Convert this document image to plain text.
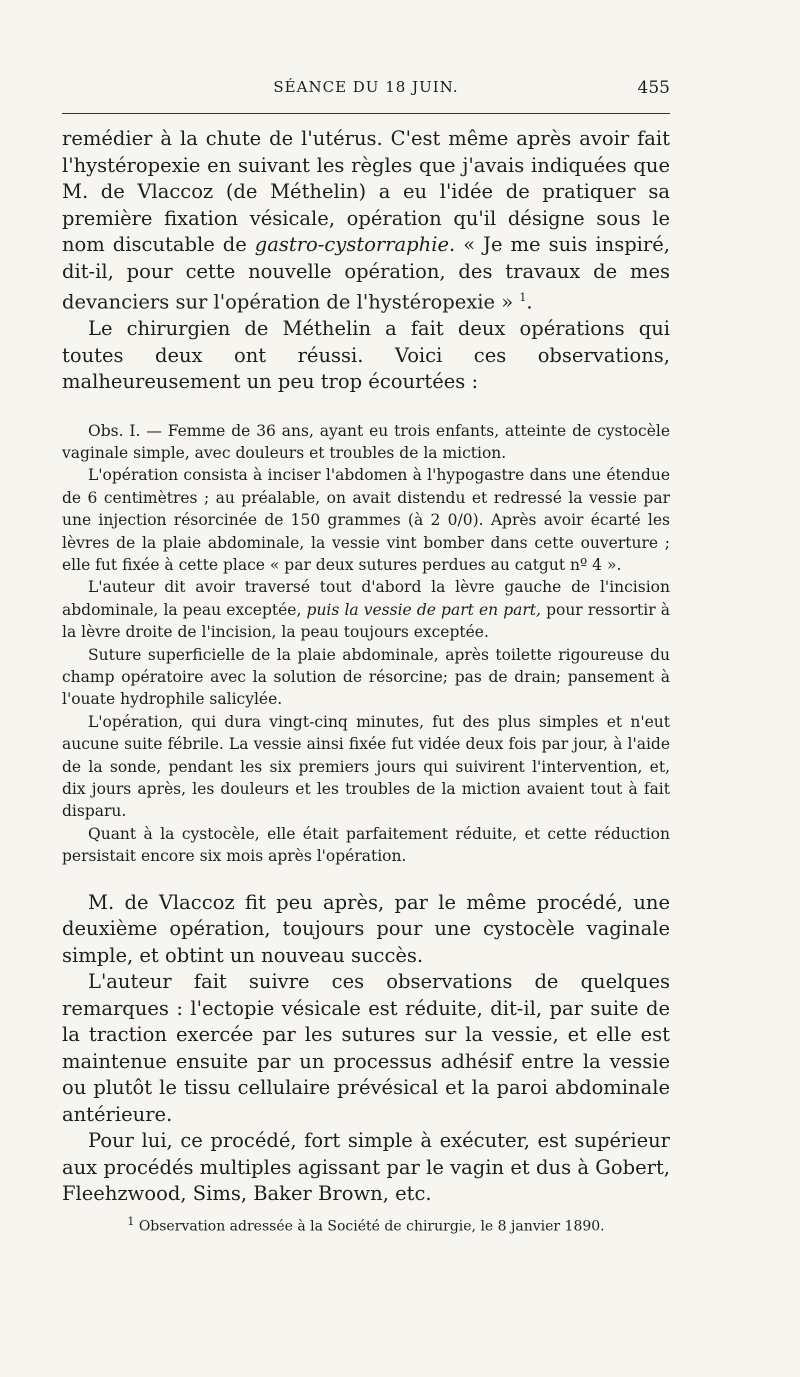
SÉANCE DU 18 JUIN.	455

remédier à la chute de l'utérus. C'est même après avoir fait l'hystéropexie en suivant les règles que j'avais indiquées que M. de Vlaccoz (de Méthelin) a eu l'idée de pratiquer sa première fixation vésicale, opération qu'il désigne sous le nom discutable de gastro-cystorraphie. « Je me suis inspiré, dit-il, pour cette nouvelle opération, des travaux de mes devanciers sur l'opération de l'hystéropexie » $^1$.

Le chirurgien de Méthelin a fait deux opérations qui toutes deux ont réussi. Voici ces observations, malheureusement un peu trop écourtées :

Obs. I. — Femme de 36 ans, ayant eu trois enfants, atteinte de cystocèle vaginale simple, avec douleurs et troubles de la miction.

L'opération consista à inciser l'abdomen à l'hypogastre dans une étendue de 6 centimètres ; au préalable, on avait distendu et redressé la vessie par une injection résorcinée de 150 grammes (à 2 0/0). Après avoir écarté les lèvres de la plaie abdominale, la vessie vint bomber dans cette ouverture ; elle fut fixée à cette place « par deux sutures perdues au catgut nº 4 ».

L'auteur dit avoir traversé tout d'abord la lèvre gauche de l'incision abdominale, la peau exceptée, puis la vessie de part en part, pour ressortir à la lèvre droite de l'incision, la peau toujours exceptée.

Suture superficielle de la plaie abdominale, après toilette rigoureuse du champ opératoire avec la solution de résorcine; pas de drain; pansement à l'ouate hydrophile salicylée.

L'opération, qui dura vingt-cinq minutes, fut des plus simples et n'eut aucune suite fébrile. La vessie ainsi fixée fut vidée deux fois par jour, à l'aide de la sonde, pendant les six premiers jours qui suivirent l'intervention, et, dix jours après, les douleurs et les troubles de la miction avaient tout à fait disparu.

Quant à la cystocèle, elle était parfaitement réduite, et cette réduction persistait encore six mois après l'opération.

M. de Vlaccoz fit peu après, par le même procédé, une deuxième opération, toujours pour une cystocèle vaginale simple, et obtint un nouveau succès.

L'auteur fait suivre ces observations de quelques remarques : l'ectopie vésicale est réduite, dit-il, par suite de la traction exercée par les sutures sur la vessie, et elle est maintenue ensuite par un processus adhésif entre la vessie ou plutôt le tissu cellulaire prévésical et la paroi abdominale antérieure.

Pour lui, ce procédé, fort simple à exécuter, est supérieur aux procédés multiples agissant par le vagin et dus à Gobert, Fleehzwood, Sims, Baker Brown, etc.

$^1$ Observation adressée à la Société de chirurgie, le 8 janvier 1890.
